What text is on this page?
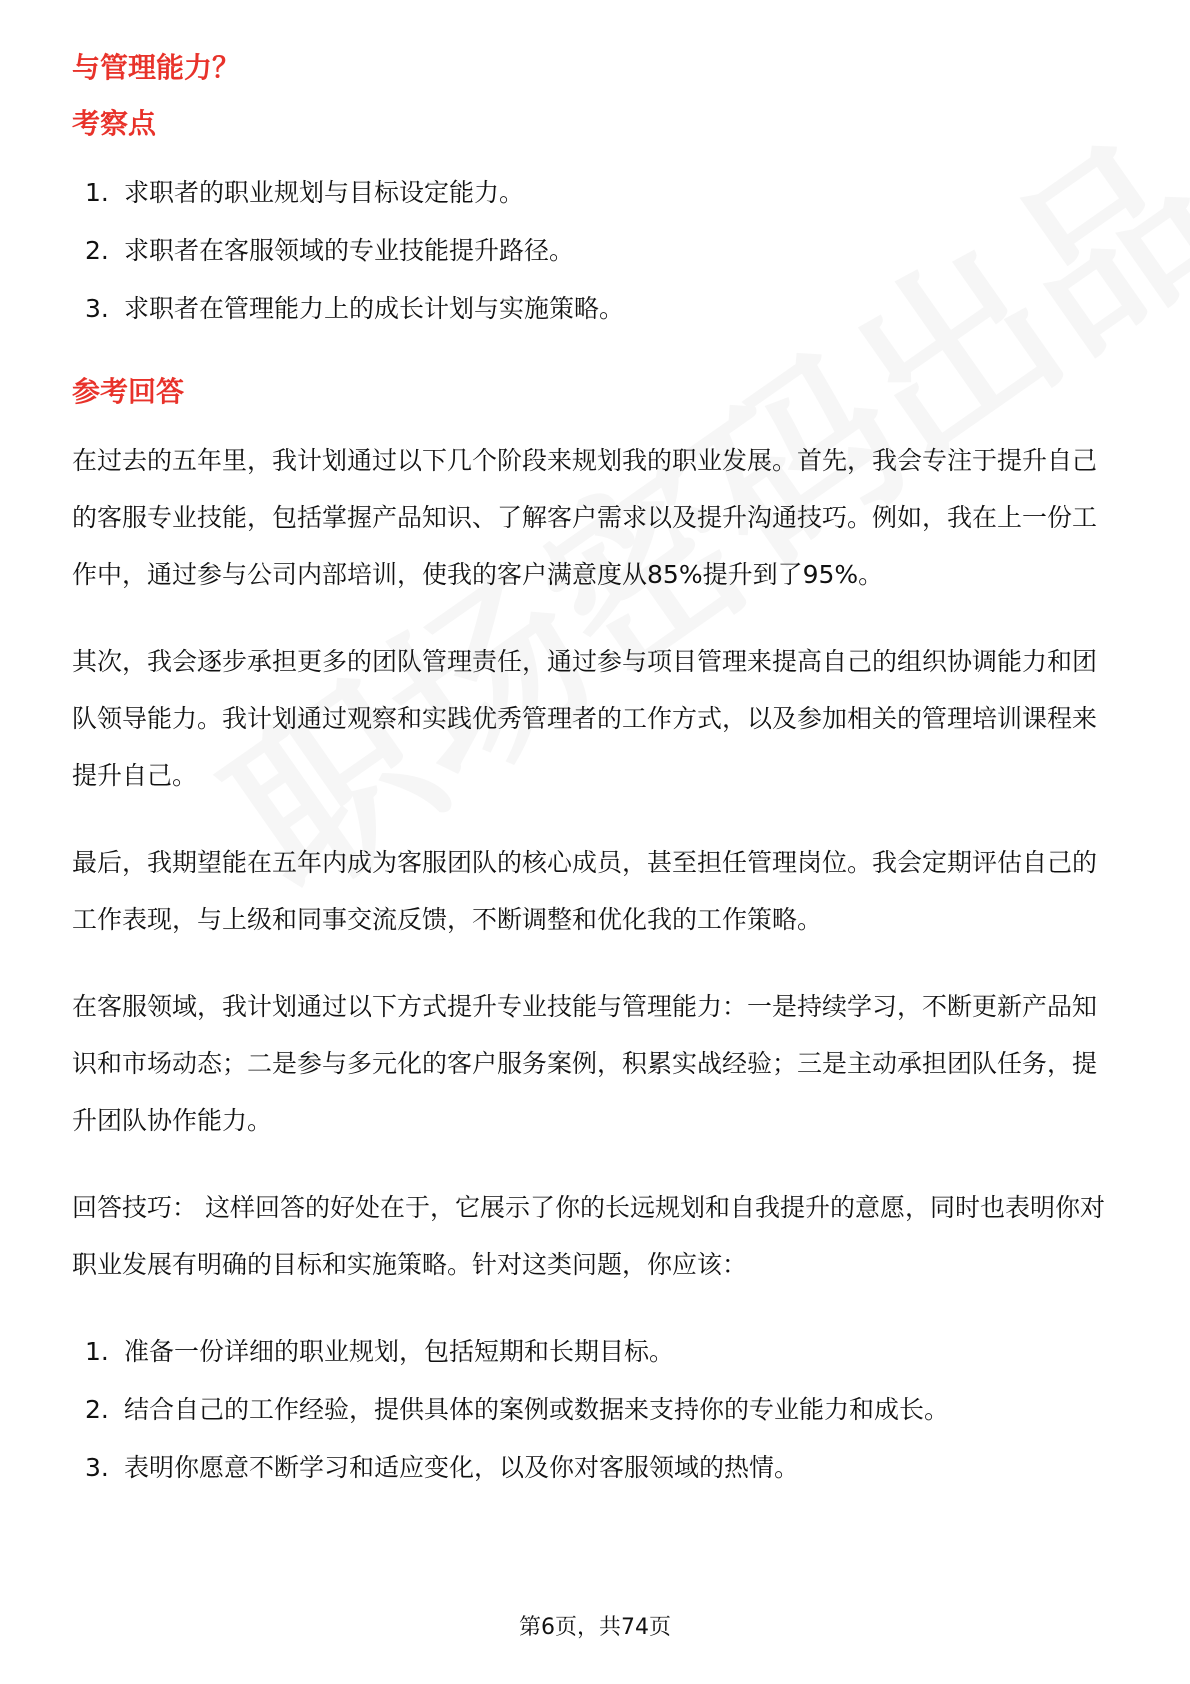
与管理能力？
考察点
1. 求职者的职业规划与目标设定能力。
2. 求职者在客服领域的专业技能提升路径。
3. 求职者在管理能力上的成长计划与实施策略。
参考回答

在过去的五年里，我计划通过以下几个阶段来规划我的职业发展。首先，我会专注于提升自己的客服专业技能，包括掌握产品知识、了解客户需求以及提升沟通技巧。例如，我在上一份工作中，通过参与公司内部培训，使我的客户满意度从85%提升到了95%。

其次，我会逐步承担更多的团队管理责任，通过参与项目管理来提高自己的组织协调能力和团队领导能力。我计划通过观察和实践优秀管理者的工作方式，以及参加相关的管理培训课程来提升自己。

最后，我期望能在五年内成为客服团队的核心成员，甚至担任管理岗位。我会定期评估自己的工作表现，与上级和同事交流反馈，不断调整和优化我的工作策略。

在客服领域，我计划通过以下方式提升专业技能与管理能力：一是持续学习，不断更新产品知识和市场动态；二是参与多元化的客户服务案例，积累实战经验；三是主动承担团队任务，提升团队协作能力。

回答技巧： 这样回答的好处在于，它展示了你的长远规划和自我提升的意愿，同时也表明你对职业发展有明确的目标和实施策略。针对这类问题，你应该：

1. 准备一份详细的职业规划，包括短期和长期目标。
2. 结合自己的工作经验，提供具体的案例或数据来支持你的专业能力和成长。
3. 表明你愿意不断学习和适应变化，以及你对客服领域的热情。
第6页，共74页
